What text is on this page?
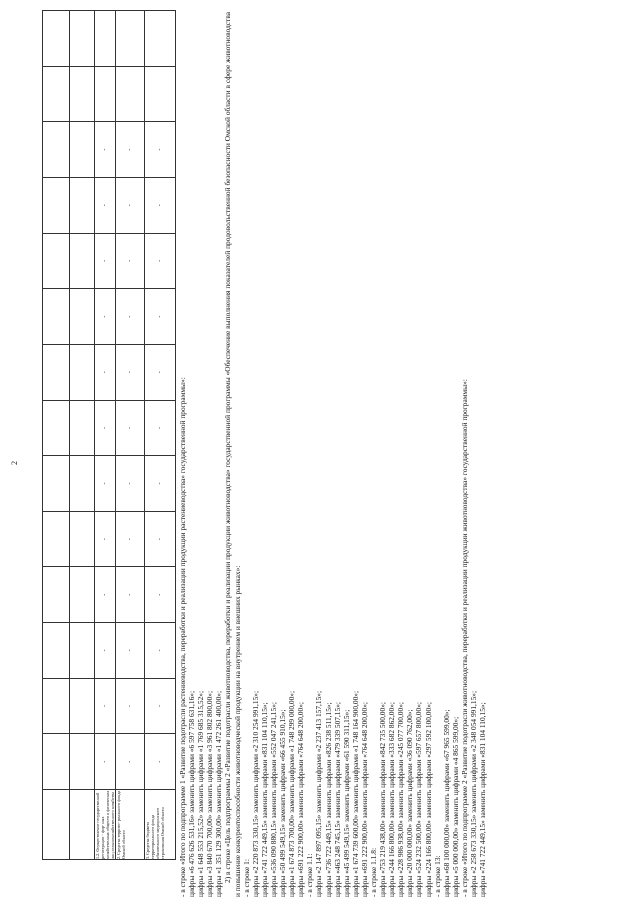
2

1.2. Осуществление государственной регистрации - фир- ных хозяйственных обществ и физических лиц сельскохозяйственного хозяйства	-	-	-	-	-	-	-	-	-	-	-	-		
2. Средства террито- риального фонда Омской области	-	-	-	-	-	-	-	-	-	-	-	-		
3. Средства бюджета территориального фонда обязательного медицинского страхования Омской области	-	-	-	-	-	-	-	-	-	-	-	-		

- в строке «Итого по подпрограмме 1 «Развитие подотрасли растениеводства, переработки и реализации продукции растениеводства» государственной программы»: цифры «6 476 626 531,16» заменить цифрами «6 597 758 631,16»; цифры «1 648 553 215,52» заменить цифрами «1 769 685 315,52»; цифры «3 840 670 700,00» заменить цифрами «3 961 802 800,00»; цифры «1 351 129 300,00» заменить цифрами «1 472 261 400,00»; 2) в строке «Цель подпрограммы 2 «Развитие подотрасли животноводства, переработки и реализации продукции животноводства» государственной программы «Обеспечение выполнения показателей продовольственной безопасности Омской области в сфере животноводства и повышение конкурентоспособности животноводческой продукции на внутреннем и внешних рынках»: - в строке 1: цифры «2 220 873 330,15» заменить цифрами «2 310 254 991,15»; цифры «741 722 449,15» заменить цифрами «831 104 110,15»; цифры «536 090 880,15» заменить цифрами «552 047 241,15»; цифры «50 499 549,15» заменить цифрами «66 455 910,15»; цифры «1 674 873 700,00» заменить цифрами «1 748 299 000,00»; цифры «691 222 900,00» заменить цифрами «764 648 200,00»; - в строке 1.1: цифры «2 147 897 095,15» заменить цифрами «2 237 413 157,15»; цифры «736 722 449,15» заменить цифрами «826 238 511,15»; цифры «463 248 745,15» заменить цифрами «479 339 507,15»; цифры «45 499 549,15» заменить цифрами «61 590 311,15»; цифры «1 674 739 600,00» заменить цифрами «1 748 164 900,00»; цифры «691 222 900,00» заменить цифрами «764 648 200,00»; - в строке 1.1.8: цифры «753 219 438,00» заменить цифрами «842 735 500,00»; цифры «244 166 800,00» заменить цифрами «333 682 862,00»; цифры «228 986 938,00» заменить цифрами «245 077 700,00»; цифры «20 000 000,00» заменить цифрами «36 090 762,00»; цифры «524 232 500,00» заменить цифрами «597 657 800,00»; цифры «224 166 800,00» заменить цифрами «297 592 100,00»; - в строке 13: цифры «68 100 000,00» заменить цифрами «67 965 599,00»; цифры «5 000 000,00» заменить цифрами «4 865 599,00»; - в строке «Итого по подпрограмме 2 «Развитие подотрасли животноводства, переработки и реализации продукции животноводства» государственной программы»: цифры «2 258 673 330,15» заменить цифрами «2 348 054 991,15»; цифры «741 722 449,15» заменить цифрами «831 104 110,15»;
